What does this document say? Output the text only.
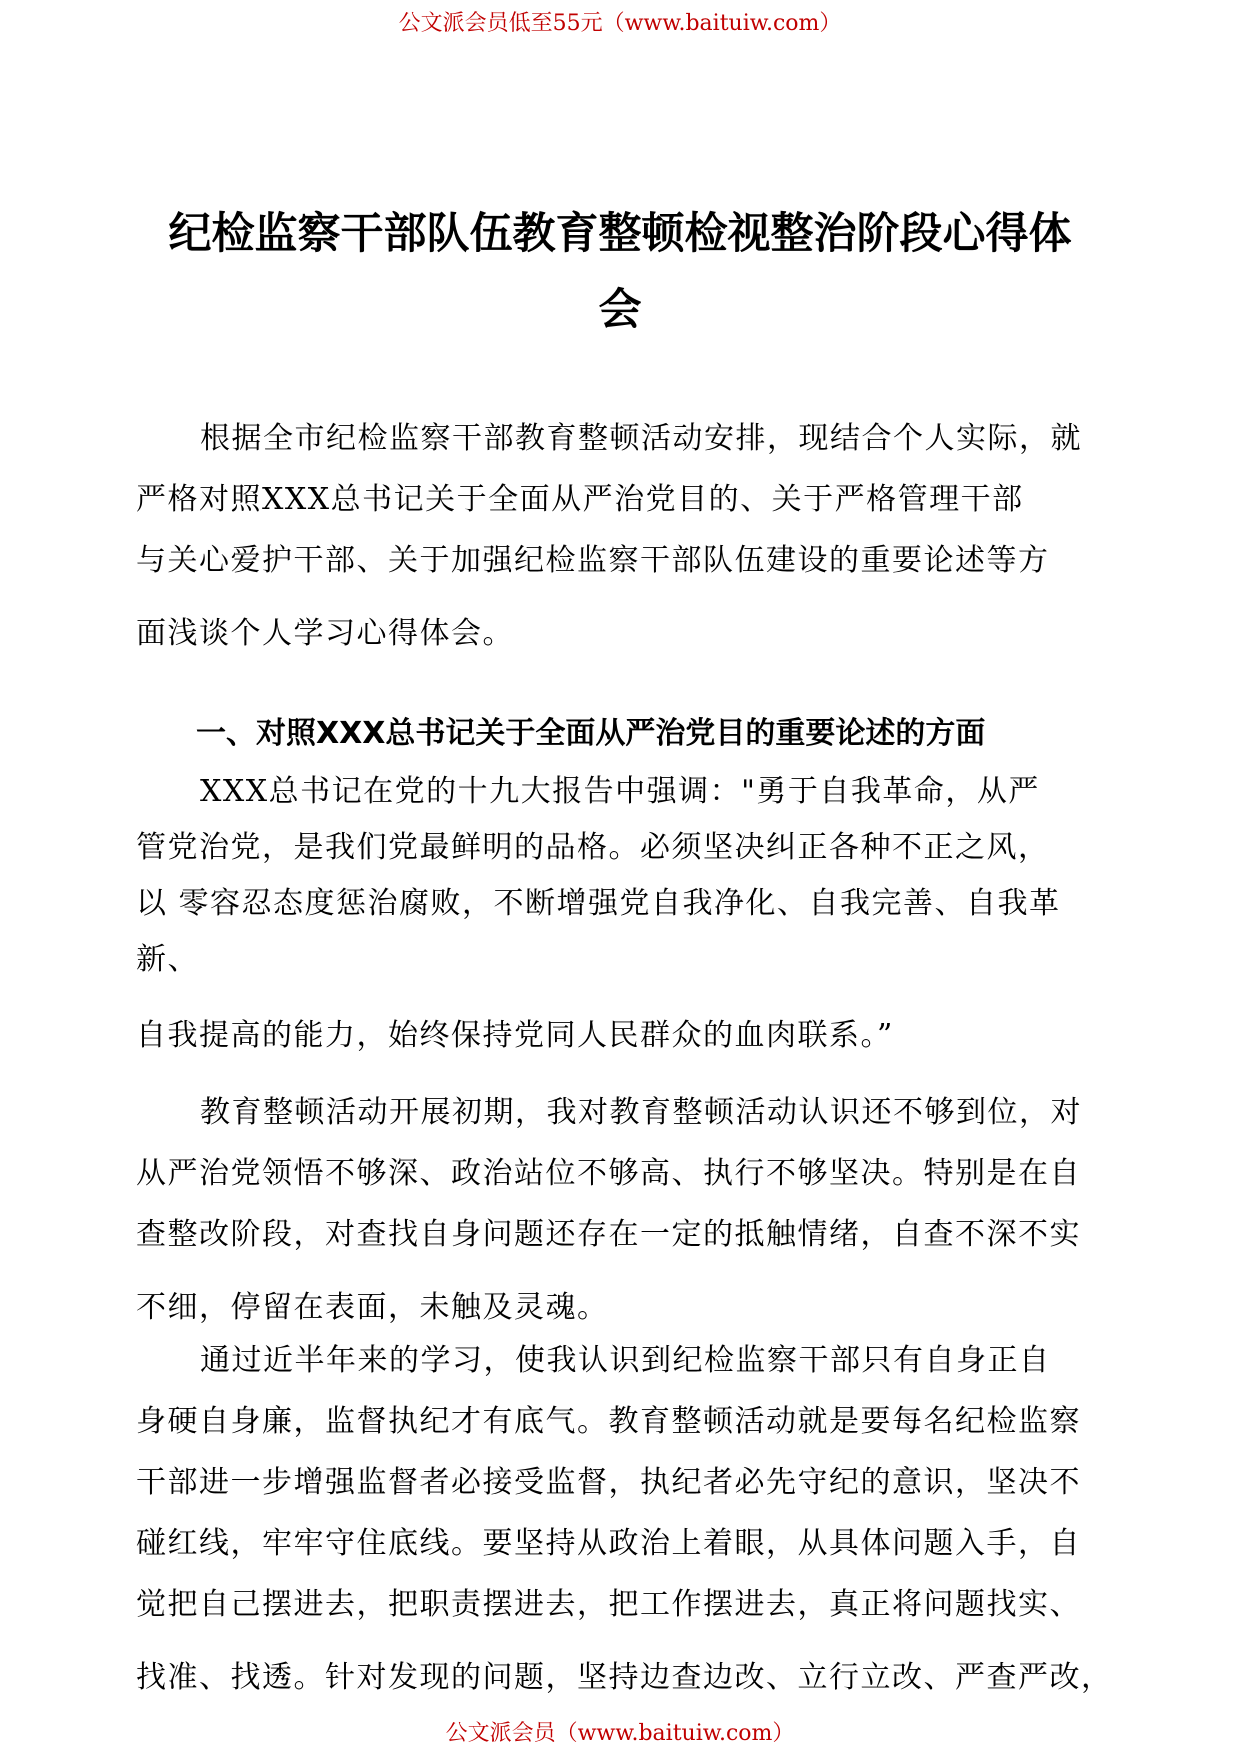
公文派会员低至55元（www.baituiw.com）
纪检监察干部队伍教育整顿检视整治阶段心得体
会
根据全市纪检监察干部教育整顿活动安排，现结合个人实际，就
严格对照XXX总书记关于全面从严治党目的、关于严格管理干部
与关心爱护干部、关于加强纪检监察干部队伍建设的重要论述等方
面浅谈个人学习心得体会。
一、对照XXX总书记关于全面从严治党目的重要论述的方面
XXX总书记在党的十九大报告中强调："勇于自我革命，从严
管党治党，是我们党最鲜明的品格。必须坚决纠正各种不正之风，
以 零容忍态度惩治腐败，不断增强党自我净化、自我完善、自我革
新、
自我提高的能力，始终保持党同人民群众的血肉联系。”
教育整顿活动开展初期，我对教育整顿活动认识还不够到位，对
从严治党领悟不够深、政治站位不够高、执行不够坚决。特别是在自
查整改阶段，对查找自身问题还存在一定的抵触情绪，自查不深不实
不细，停留在表面，未触及灵魂。
通过近半年来的学习，使我认识到纪检监察干部只有自身正自
身硬自身廉，监督执纪才有底气。教育整顿活动就是要每名纪检监察
干部进一步增强监督者必接受监督，执纪者必先守纪的意识，坚决不
碰红线，牢牢守住底线。要坚持从政治上着眼，从具体问题入手，自
觉把自己摆进去，把职责摆进去，把工作摆进去，真正将问题找实、
找准、找透。针对发现的问题，坚持边查边改、立行立改、严查严改，
公文派会员（www.baituiw.com）
